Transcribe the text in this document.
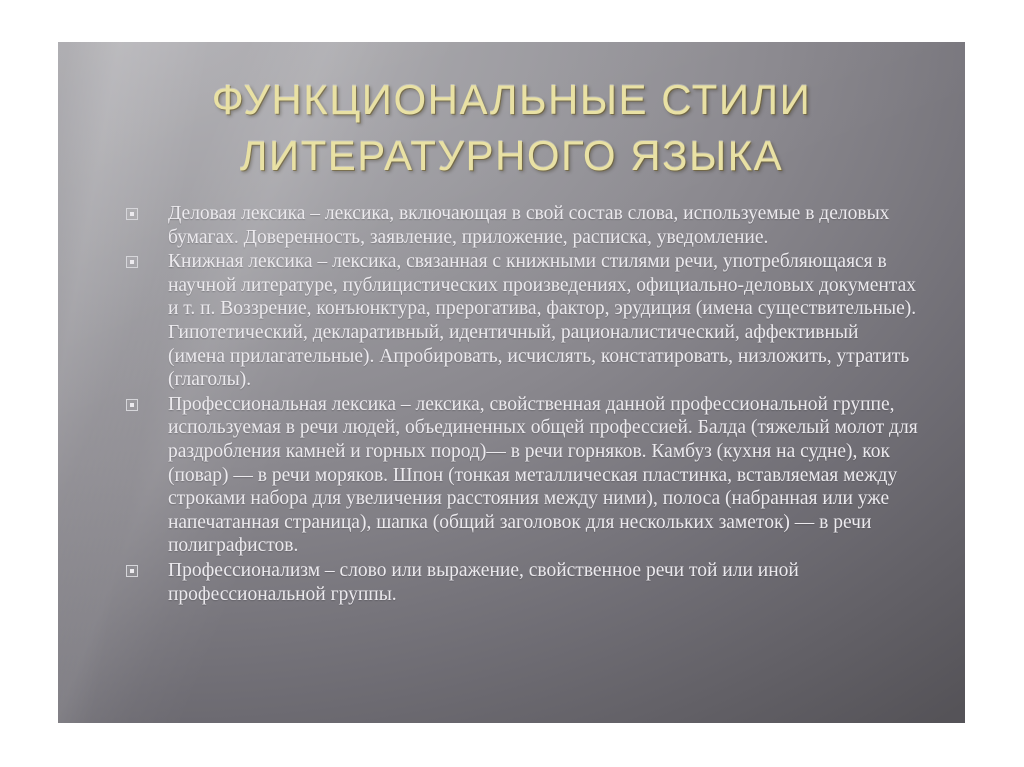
ФУНКЦИОНАЛЬНЫЕ СТИЛИ ЛИТЕРАТУРНОГО ЯЗЫКА
Деловая лексика – лексика, включающая в свой состав слова, используемые в деловых бумагах. Доверенность, заявление, приложение, расписка, уведомление.
Книжная лексика – лексика, связанная с книжными стилями речи, употребляющаяся в научной литературе, публицистических произведениях, официально-деловых документах и т. п. Воззрение, конъюнктура, прерогатива, фактор, эрудиция (имена существительные). Гипотетический, декларативный, идентичный, рационалистический, аффективный (имена прилагательные). Апробировать, исчислять, констатировать, низложить, утратить (глаголы).
Профессиональная лексика – лексика, свойственная данной профессиональной группе, используемая в речи людей, объединенных общей профессией. Балда (тяжелый молот для раздробления камней и горных пород)— в речи горняков. Камбуз (кухня на судне), кок (повар) — в речи моряков. Шпон (тонкая металлическая пластинка, вставляемая между строками набора для увеличения расстояния между ними), полоса (набранная или уже напечатанная страница), шапка (общий заголовок для нескольких заметок) — в речи полиграфистов.
Профессионализм – слово или выражение, свойственное речи той или иной профессиональной группы.
